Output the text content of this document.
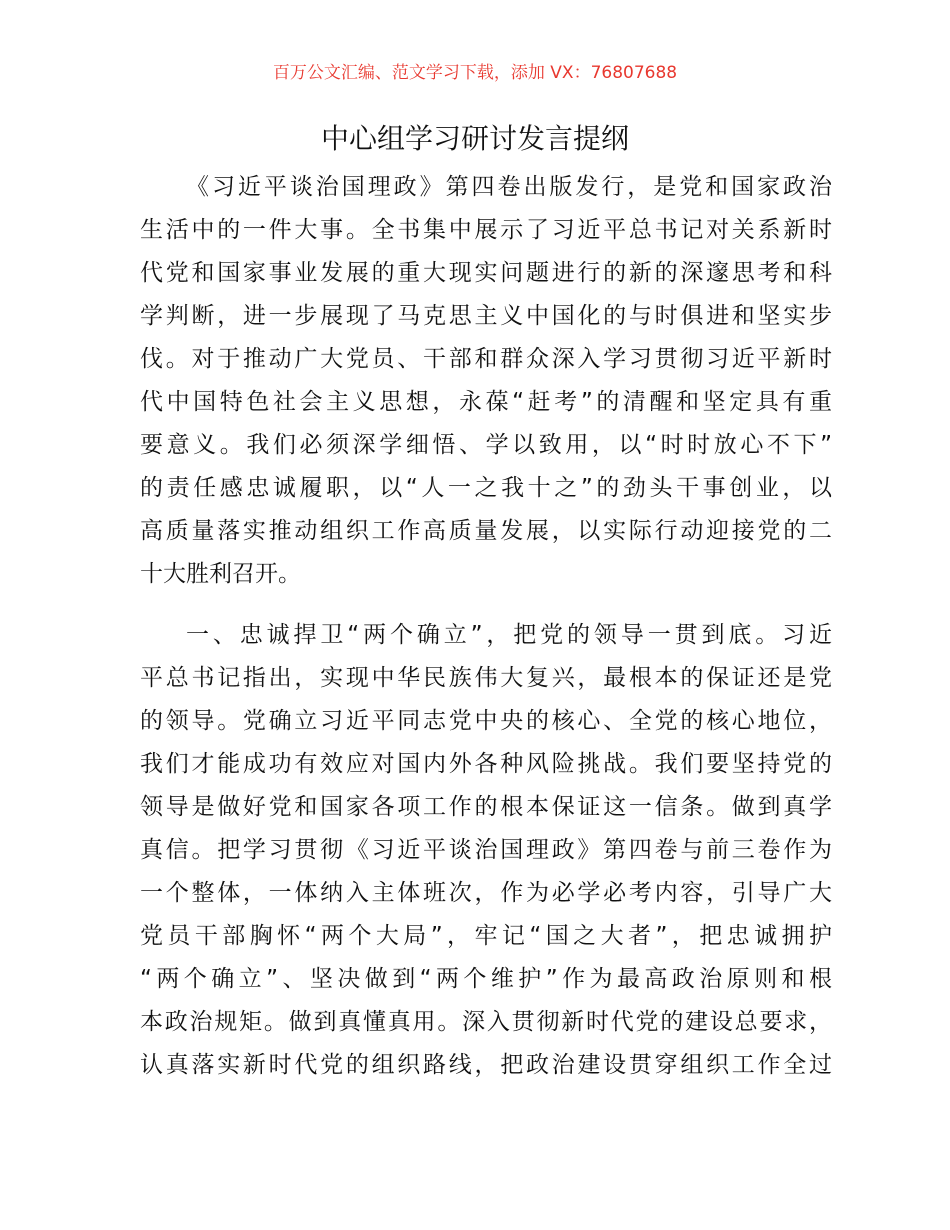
百万公文汇编、范文学习下载，添加 VX：76807688
中心组学习研讨发言提纲
《习近平谈治国理政》第四卷出版发行，是党和国家政治
生活中的一件大事。全书集中展示了习近平总书记对关系新时
代党和国家事业发展的重大现实问题进行的新的深邃思考和科
学判断，进一步展现了马克思主义中国化的与时俱进和坚实步
伐。对于推动广大党员、干部和群众深入学习贯彻习近平新时
代中国特色社会主义思想，永葆“赶考”的清醒和坚定具有重
要意义。我们必须深学细悟、学以致用，以“时时放心不下”
的责任感忠诚履职，以“人一之我十之”的劲头干事创业，以
高质量落实推动组织工作高质量发展，以实际行动迎接党的二
十大胜利召开。
一、忠诚捍卫“两个确立”，把党的领导一贯到底。习近
平总书记指出，实现中华民族伟大复兴，最根本的保证还是党
的领导。党确立习近平同志党中央的核心、全党的核心地位，
我们才能成功有效应对国内外各种风险挑战。我们要坚持党的
领导是做好党和国家各项工作的根本保证这一信条。做到真学
真信。把学习贯彻《习近平谈治国理政》第四卷与前三卷作为
一个整体，一体纳入主体班次，作为必学必考内容，引导广大
党员干部胸怀“两个大局”，牢记“国之大者”，把忠诚拥护
“两个确立”、坚决做到“两个维护”作为最高政治原则和根
本政治规矩。做到真懂真用。深入贯彻新时代党的建设总要求，
认真落实新时代党的组织路线，把政治建设贯穿组织工作全过
